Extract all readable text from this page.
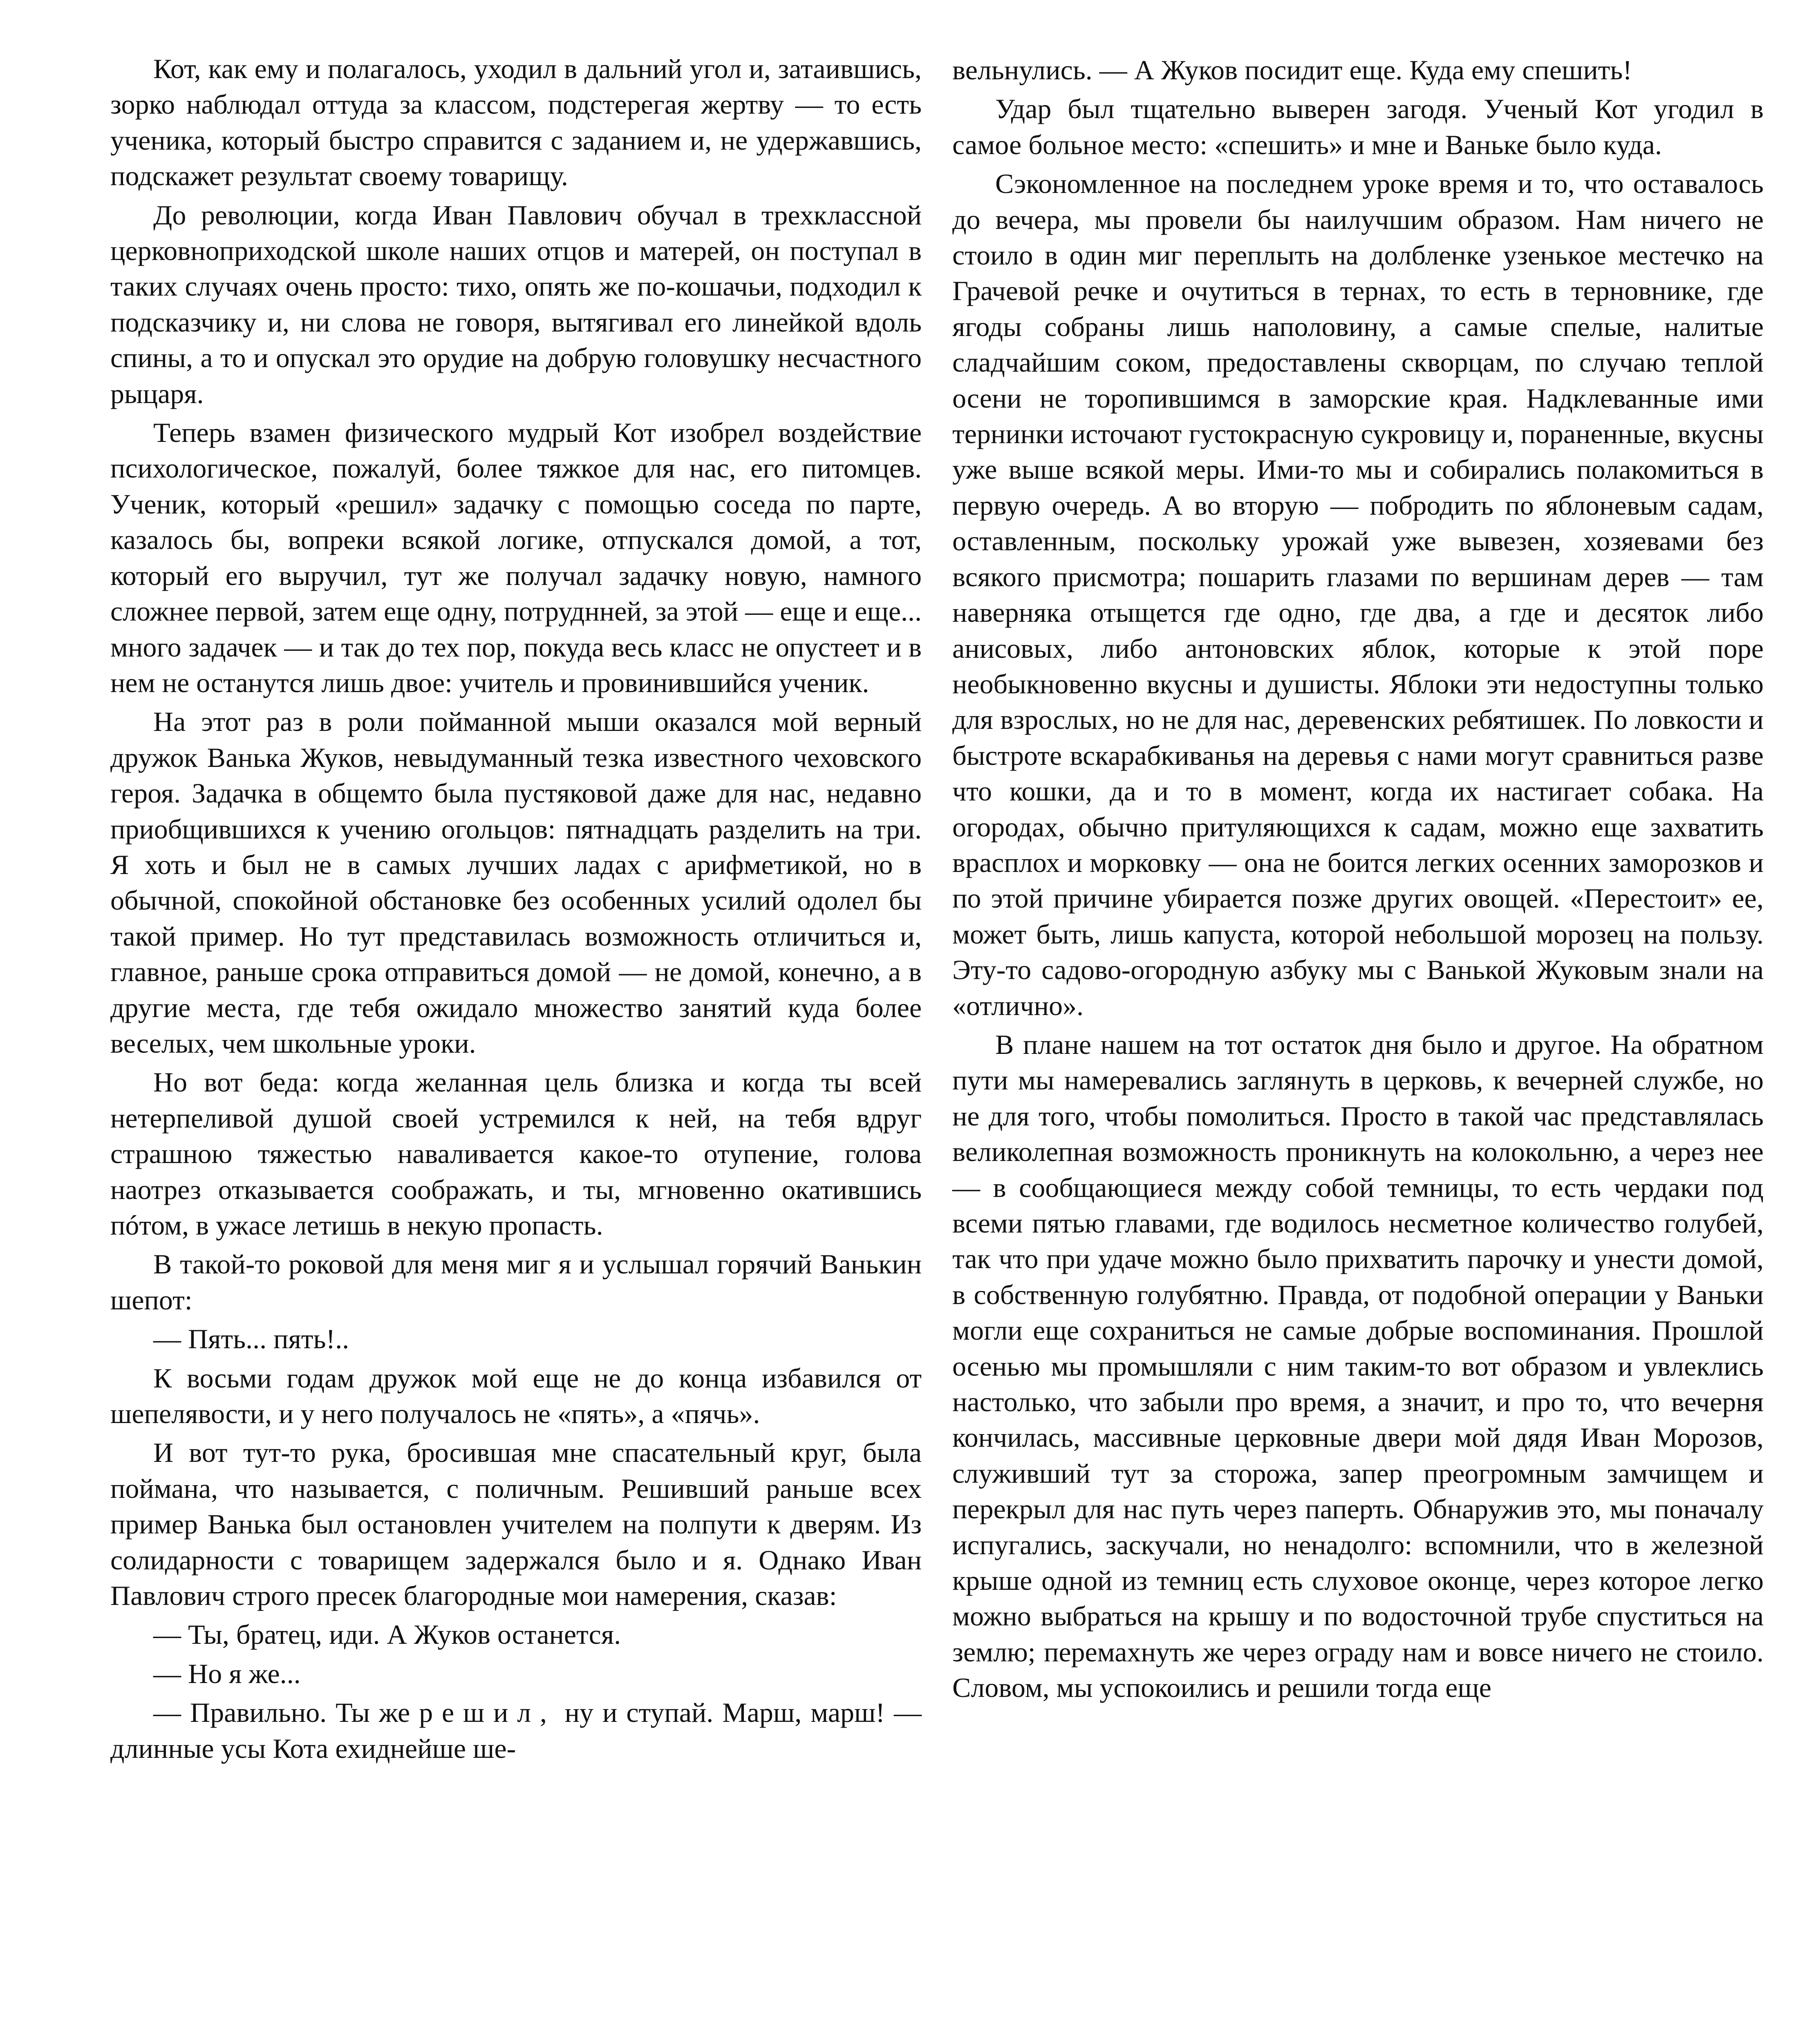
Кот, как ему и полагалось, уходил в дальний угол и, затаившись, зорко наблюдал оттуда за классом, подстерегая жертву — то есть ученика, который быстро справится с заданием и, не удержавшись, подскажет результат своему товарищу.

До революции, когда Иван Павлович обучал в трехклассной церковноприходской школе наших отцов и матерей, он поступал в таких случаях очень просто: тихо, опять же по-кошачьи, подходил к подсказчику и, ни слова не говоря, вытягивал его линейкой вдоль спины, а то и опускал это орудие на добрую головушку несчастного рыцаря.

Теперь взамен физического мудрый Кот изобрел воздействие психологическое, пожалуй, более тяжкое для нас, его питомцев. Ученик, который «решил» задачку с помощью соседа по парте, казалось бы, вопреки всякой логике, отпускался домой, а тот, который его выручил, тут же получал задачку новую, намного сложнее первой, затем еще одну, потруднней, за этой — еще и еще... много задачек — и так до тех пор, покуда весь класс не опустеет и в нем не останутся лишь двое: учитель и провинившийся ученик.

На этот раз в роли пойманной мыши оказался мой верный дружок Ванька Жуков, невыдуманный тезка известного чеховского героя. Задачка в общемто была пустяковой даже для нас, недавно приобщившихся к учению огольцов: пятнадцать разделить на три. Я хоть и был не в самых лучших ладах с арифметикой, но в обычной, спокойной обстановке без особенных усилий одолел бы такой пример. Но тут представилась возможность отличиться и, главное, раньше срока отправиться домой — не домой, конечно, а в другие места, где тебя ожидало множество занятий куда более веселых, чем школьные уроки.

Но вот беда: когда желанная цель близка и когда ты всей нетерпеливой душой своей устремился к ней, на тебя вдруг страшною тяжестью наваливается какое-то отупение, голова наотрез отказывается соображать, и ты, мгновенно окатившись пóтом, в ужасе летишь в некую пропасть.

В такой-то роковой для меня миг я и услышал горячий Ванькин шепот:

— Пять... пять!..

К восьми годам дружок мой еще не до конца избавился от шепелявости, и у него получалось не «пять», а «пячь».

И вот тут-то рука, бросившая мне спасательный круг, была поймана, что называется, с поличным. Решивший раньше всех пример Ванька был остановлен учителем на полпути к дверям. Из солидарности с товарищем задержался было и я. Однако Иван Павлович строго пресек благородные мои намерения, сказав:

— Ты, братец, иди. А Жуков останется.

— Но я же...

— Правильно. Ты же решил, ну и ступай. Марш, марш! — длинные усы Кота ехиднейше ше-

вельнулись. — А Жуков посидит еще. Куда ему спешить!

Удар был тщательно выверен загодя. Ученый Кот угодил в самое больное место: «спешить» и мне и Ваньке было куда.

Сэкономленное на последнем уроке время и то, что оставалось до вечера, мы провели бы наилучшим образом. Нам ничего не стоило в один миг переплыть на долбленке узенькое местечко на Грачевой речке и очутиться в тернах, то есть в терновнике, где ягоды собраны лишь наполовину, а самые спелые, налитые сладчайшим соком, предоставлены скворцам, по случаю теплой осени не торопившимся в заморские края. Надклеванные ими тернинки источают густокрасную сукровицу и, пораненные, вкусны уже выше всякой меры. Ими-то мы и собирались полакомиться в первую очередь. А во вторую — побродить по яблоневым садам, оставленным, поскольку урожай уже вывезен, хозяевами без всякого присмотра; пошарить глазами по вершинам дерев — там наверняка отыщется где одно, где два, а где и десяток либо анисовых, либо антоновских яблок, которые к этой поре необыкновенно вкусны и душисты. Яблоки эти недоступны только для взрослых, но не для нас, деревенских ребятишек. По ловкости и быстроте вскарабкиванья на деревья с нами могут сравниться разве что кошки, да и то в момент, когда их настигает собака. На огородах, обычно притуляющихся к садам, можно еще захватить врасплох и морковку — она не боится легких осенних заморозков и по этой причине убирается позже других овощей. «Перестоит» ее, может быть, лишь капуста, которой небольшой морозец на пользу. Эту-то садово-огородную азбуку мы с Ванькой Жуковым знали на «отлично».

В плане нашем на тот остаток дня было и другое. На обратном пути мы намеревались заглянуть в церковь, к вечерней службе, но не для того, чтобы помолиться. Просто в такой час представлялась великолепная возможность проникнуть на колокольню, а через нее — в сообщающиеся между собой темницы, то есть чердаки под всеми пятью главами, где водилось несметное количество голубей, так что при удаче можно было прихватить парочку и унести домой, в собственную голубятню. Правда, от подобной операции у Ваньки могли еще сохраниться не самые добрые воспоминания. Прошлой осенью мы промышляли с ним таким-то вот образом и увлеклись настолько, что забыли про время, а значит, и про то, что вечерня кончилась, массивные церковные двери мой дядя Иван Морозов, служивший тут за сторожа, запер преогромным замчищем и перекрыл для нас путь через паперть. Обнаружив это, мы поначалу испугались, заскучали, но ненадолго: вспомнили, что в железной крыше одной из темниц есть слуховое оконце, через которое легко можно выбраться на крышу и по водосточной трубе спуститься на землю; перемахнуть же через ограду нам и вовсе ничего не стоило. Словом, мы успокоились и решили тогда еще
